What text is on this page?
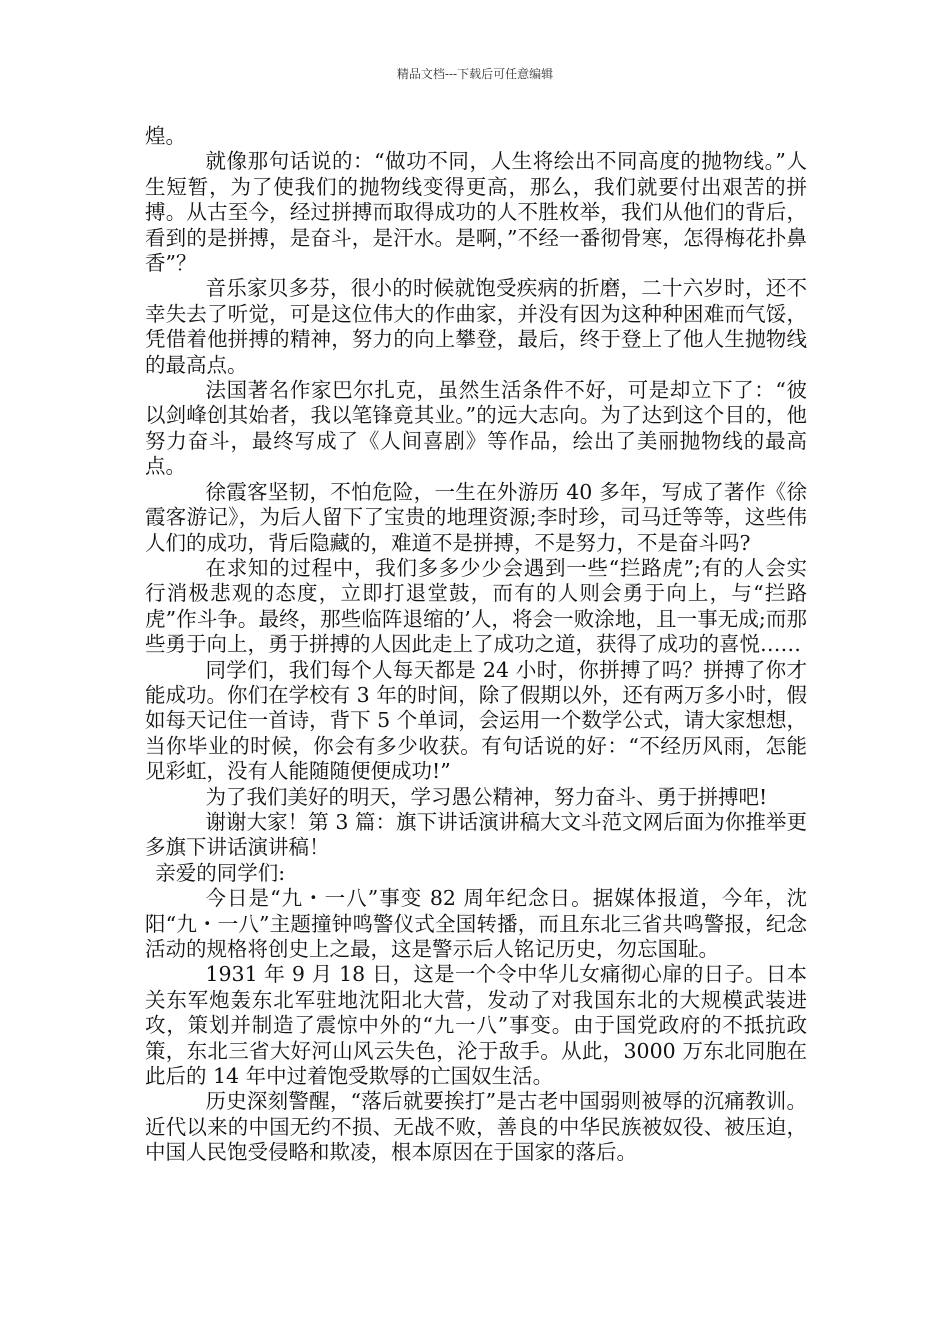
精品文档---下载后可任意编辑

煌。

就像那句话说的：“做功不同，人生将绘出不同高度的抛物线。”人生短暂，为了使我们的抛物线变得更高，那么，我们就要付出艰苦的拼搏。从古至今，经过拼搏而取得成功的人不胜枚举，我们从他们的背后，看到的是拼搏，是奋斗，是汗水。是啊，”不经一番彻骨寒，怎得梅花扑鼻香”？

音乐家贝多芬，很小的时候就饱受疾病的折磨，二十六岁时，还不幸失去了听觉，可是这位伟大的作曲家，并没有因为这种种困难而气馁，凭借着他拼搏的精神，努力的向上攀登，最后，终于登上了他人生抛物线的最高点。

法国著名作家巴尔扎克，虽然生活条件不好，可是却立下了：“彼以剑峰创其始者，我以笔锋竟其业。”的远大志向。为了达到这个目的，他努力奋斗，最终写成了《人间喜剧》等作品，绘出了美丽抛物线的最高点。

徐霞客坚韧，不怕危险，一生在外游历 40 多年，写成了著作《徐霞客游记》，为后人留下了宝贵的地理资源;李时珍，司马迁等等，这些伟人们的成功，背后隐藏的，难道不是拼搏，不是努力，不是奋斗吗?

在求知的过程中，我们多多少少会遇到一些“拦路虎”;有的人会实行消极悲观的态度，立即打退堂鼓，而有的人则会勇于向上，与“拦路虎”作斗争。最终，那些临阵退缩的’人，将会一败涂地，且一事无成;而那些勇于向上，勇于拼搏的人因此走上了成功之道，获得了成功的喜悦……

同学们，我们每个人每天都是 24 小时，你拼搏了吗？拼搏了你才能成功。你们在学校有 3 年的时间，除了假期以外，还有两万多小时，假如每天记住一首诗，背下 5 个单词，会运用一个数学公式，请大家想想，当你毕业的时候，你会有多少收获。有句话说的好：“不经历风雨，怎能见彩虹，没有人能随随便便成功!”

为了我们美好的明天，学习愚公精神，努力奋斗、勇于拼搏吧!

谢谢大家！第 3 篇：旗下讲话演讲稿大文斗范文网后面为你推举更多旗下讲话演讲稿！

亲爱的同学们:

今日是“九・一八”事变 82 周年纪念日。据媒体报道，今年，沈阳“九・一八”主题撞钟鸣警仪式全国转播，而且东北三省共鸣警报，纪念活动的规格将创史上之最，这是警示后人铭记历史，勿忘国耻。

1931 年 9 月 18 日，这是一个令中华儿女痛彻心扉的日子。日本关东军炮轰东北军驻地沈阳北大营，发动了对我国东北的大规模武装进攻，策划并制造了震惊中外的“九一八”事变。由于国党政府的不抵抗政策，东北三省大好河山风云失色，沦于敌手。从此，3000 万东北同胞在此后的 14 年中过着饱受欺辱的亡国奴生活。

历史深刻警醒，“落后就要挨打”是古老中国弱则被辱的沉痛教训。近代以来的中国无约不损、无战不败，善良的中华民族被奴役、被压迫，中国人民饱受侵略和欺凌，根本原因在于国家的落后。
